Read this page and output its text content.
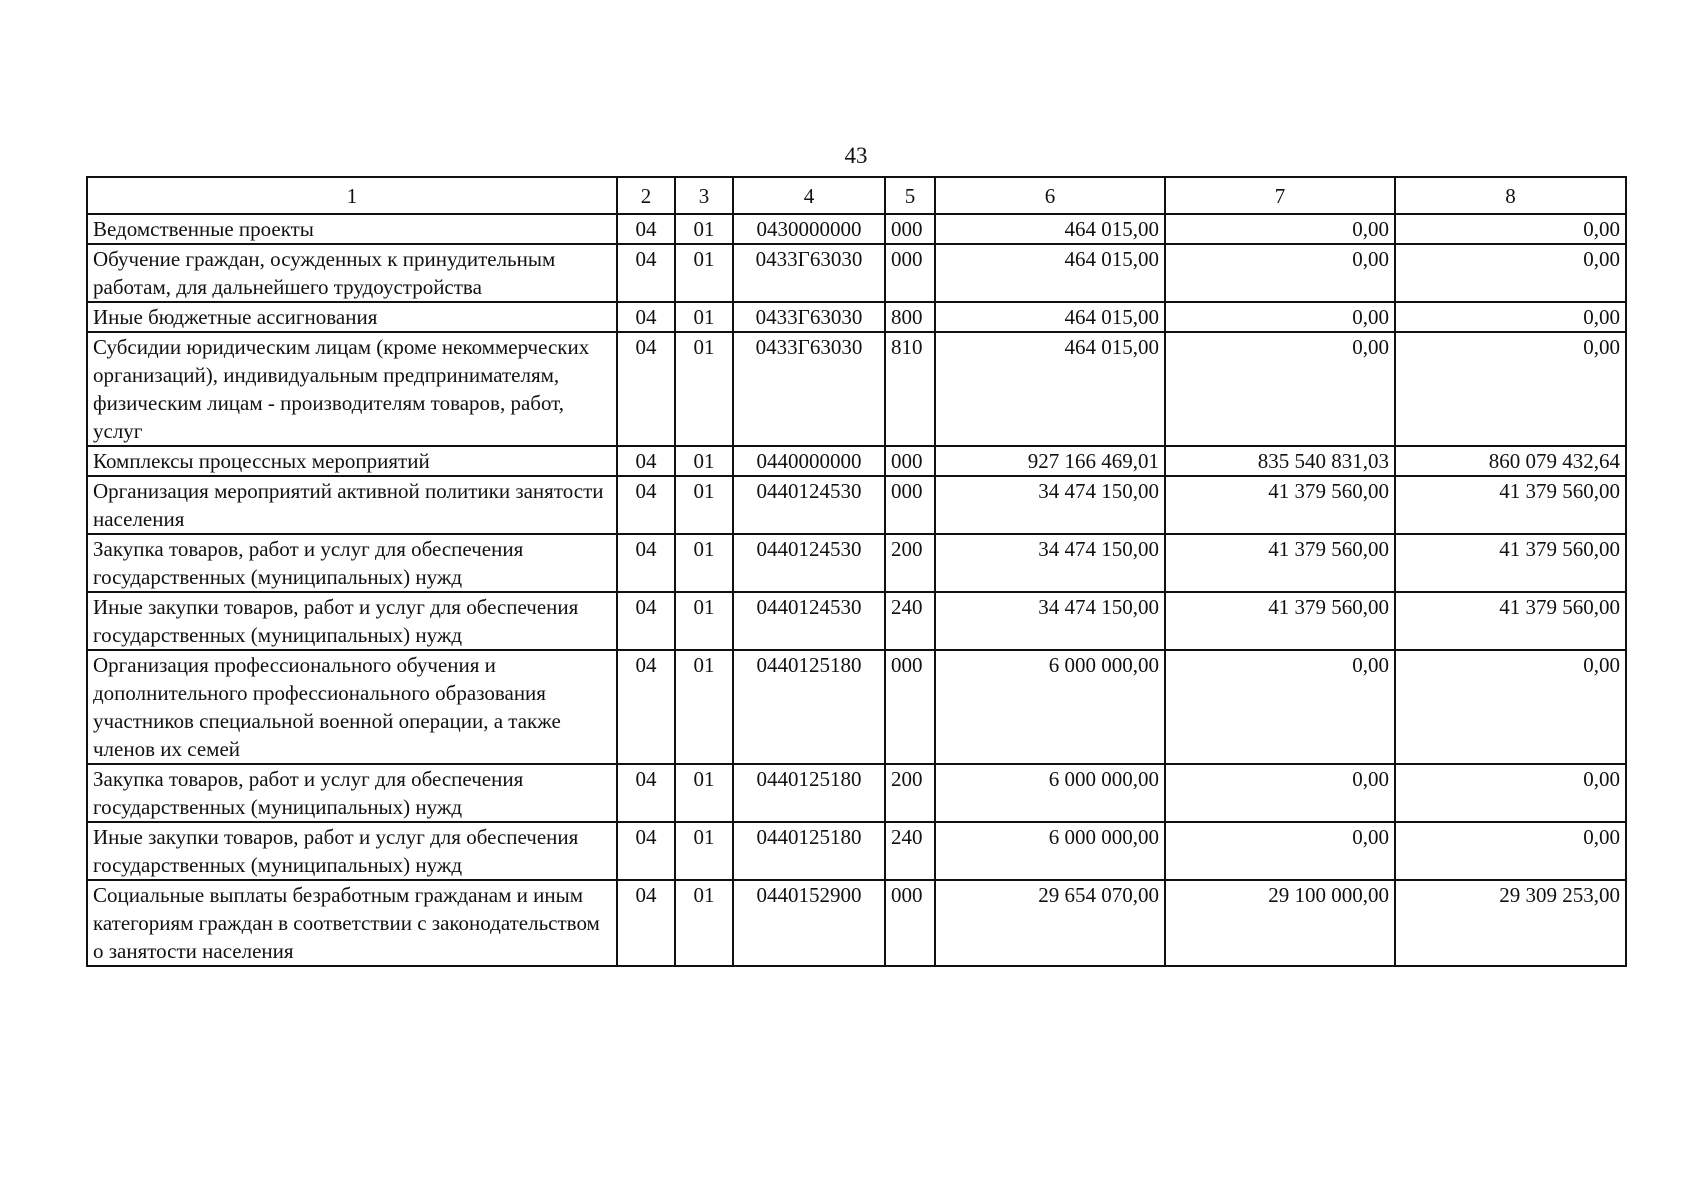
43
1	2	3	4	5	6	7	8
Ведомственные проекты	04	01	0430000000	000	464 015,00	0,00	0,00
Обучение граждан, осужденных к принудительным работам, для дальнейшего трудоустройства	04	01	0433Г63030	000	464 015,00	0,00	0,00
Иные бюджетные ассигнования	04	01	0433Г63030	800	464 015,00	0,00	0,00
Субсидии юридическим лицам (кроме некоммерческих организаций), индивидуальным предпринимателям, физическим лицам - производителям товаров, работ, услуг	04	01	0433Г63030	810	464 015,00	0,00	0,00
Комплексы процессных мероприятий	04	01	0440000000	000	927 166 469,01	835 540 831,03	860 079 432,64
Организация мероприятий активной политики занятости населения	04	01	0440124530	000	34 474 150,00	41 379 560,00	41 379 560,00
Закупка товаров, работ и услуг для обеспечения государственных (муниципальных) нужд	04	01	0440124530	200	34 474 150,00	41 379 560,00	41 379 560,00
Иные закупки товаров, работ и услуг для обеспечения государственных (муниципальных) нужд	04	01	0440124530	240	34 474 150,00	41 379 560,00	41 379 560,00
Организация профессионального обучения и дополнительного профессионального образования участников специальной военной операции, а также членов их семей	04	01	0440125180	000	6 000 000,00	0,00	0,00
Закупка товаров, работ и услуг для обеспечения государственных (муниципальных) нужд	04	01	0440125180	200	6 000 000,00	0,00	0,00
Иные закупки товаров, работ и услуг для обеспечения государственных (муниципальных) нужд	04	01	0440125180	240	6 000 000,00	0,00	0,00
Социальные выплаты безработным гражданам и иным категориям граждан в соответствии с законодательством о занятости населения	04	01	0440152900	000	29 654 070,00	29 100 000,00	29 309 253,00
